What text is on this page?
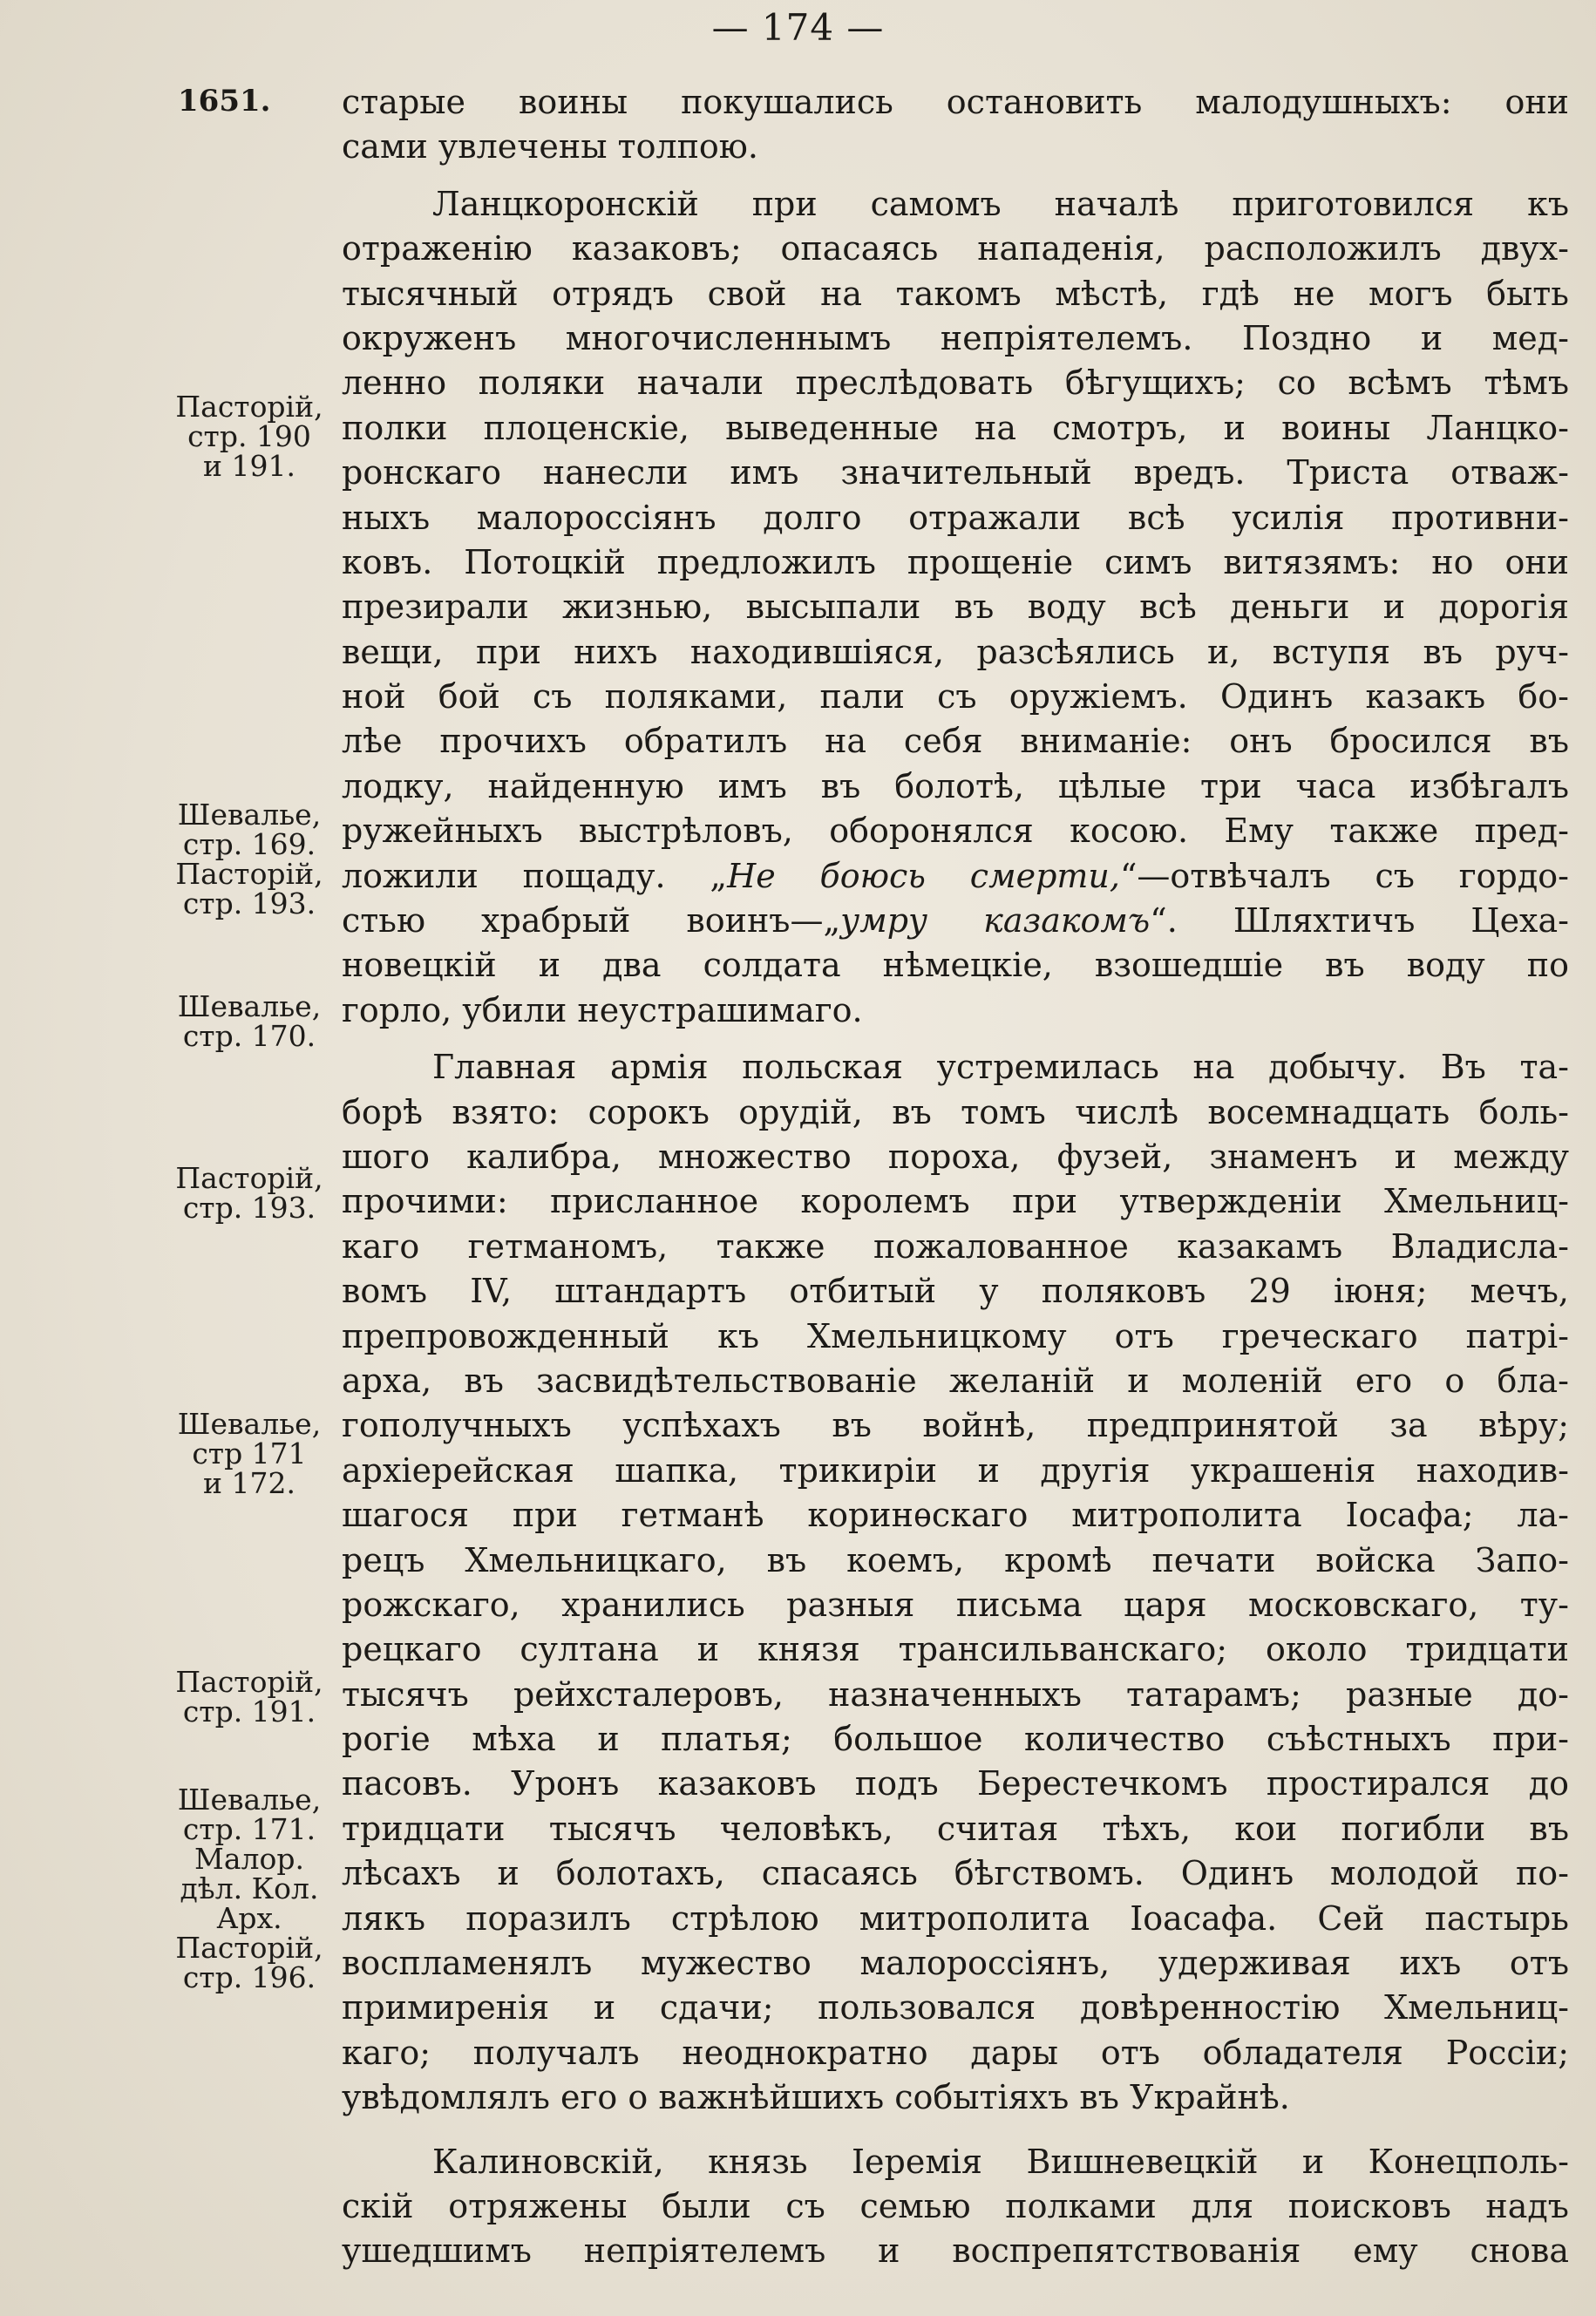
— 174 —
1651. старые воины покушались остановить малодушныхъ: они
сами увлечены толпою.
Ланцкоронскій при самомъ началѣ приготовился къ
отраженію казаковъ; опасаясь нападенія, расположилъ двух-
тысячный отрядъ свой на такомъ мѣстѣ, гдѣ не могъ быть
окруженъ многочисленнымъ непріятелемъ. Поздно и мед-
ленно поляки начали преслѣдовать бѣгущихъ; со всѣмъ тѣмъ
полки плоценскіе, выведенные на смотръ, и воины Ланцко-
ронскаго нанесли имъ значительный вредъ. Триста отваж-
ныхъ малороссіянъ долго отражали всѣ усилія противни-
ковъ. Потоцкій предложилъ прощеніе симъ витязямъ: но они
презирали жизнью, высыпали въ воду всѣ деньги и дорогія
вещи, при нихъ находившіяся, разсѣялись и, вступя въ руч-
ной бой съ поляками, пали съ оружіемъ. Одинъ казакъ бо-
лѣе прочихъ обратилъ на себя вниманіе: онъ бросился въ
лодку, найденную имъ въ болотѣ, цѣлые три часа избѣгалъ
ружейныхъ выстрѣловъ, оборонялся косою. Ему также пред-
ложили пощаду. „Не боюсь смерти,“—отвѣчалъ съ гордо-
стью храбрый воинъ—„умру казакомъ“. Шляхтичъ Цеха-
новецкій и два солдата нѣмецкіе, взошедшіе въ воду по
горло, убили неустрашимаго.
Главная армія польская устремилась на добычу. Въ та-
борѣ взято: сорокъ орудій, въ томъ числѣ восемнадцать боль-
шого калибра, множество пороха, фузей, знаменъ и между
прочими: присланное королемъ при утвержденіи Хмельниц-
каго гетманомъ, также пожалованное казакамъ Владисла-
вомъ IV, штандартъ отбитый у поляковъ 29 іюня; мечъ,
препровожденный къ Хмельницкому отъ греческаго патрі-
арха, въ засвидѣтельствованіе желаній и моленій его о бла-
гополучныхъ успѣхахъ въ войнѣ, предпринятой за вѣру;
архіерейская шапка, трикиріи и другія украшенія находив-
шагося при гетманѣ коринѳскаго митрополита Іосафа; ла-
рецъ Хмельницкаго, въ коемъ, кромѣ печати войска Запо-
рожскаго, хранились разныя письма царя московскаго, ту-
рецкаго султана и князя трансильванскаго; около тридцати
тысячъ рейхсталеровъ, назначенныхъ татарамъ; разные до-
рогіе мѣха и платья; большое количество съѣстныхъ при-
пасовъ. Уронъ казаковъ подъ Берестечкомъ простирался до
тридцати тысячъ человѣкъ, считая тѣхъ, кои погибли въ
лѣсахъ и болотахъ, спасаясь бѣгствомъ. Одинъ молодой по-
лякъ поразилъ стрѣлою митрополита Іоасафа. Сей пастырь
воспламенялъ мужество малороссіянъ, удерживая ихъ отъ
примиренія и сдачи; пользовался довѣренностію Хмельниц-
каго; получалъ неоднократно дары отъ обладателя Россіи;
увѣдомлялъ его о важнѣйшихъ событіяхъ въ Украйнѣ.
Калиновскій, князь Іеремія Вишневецкій и Конецполь-
скій отряжены были съ семью полками для поисковъ надъ
ушедшимъ непріятелемъ и воспрепятствованія ему снова
Пасторій,
стр. 190
и 191.
Шевалье,
стр. 169.
Пасторій,
стр. 193.
Шевалье,
стр. 170.
Пасторій,
стр. 193.
Шевалье,
стр 171
и 172.
Пасторій,
стр. 191.
Шевалье,
стр. 171.
Малор.
дѣл. Кол.
Арх.
Пасторій,
стр. 196.
